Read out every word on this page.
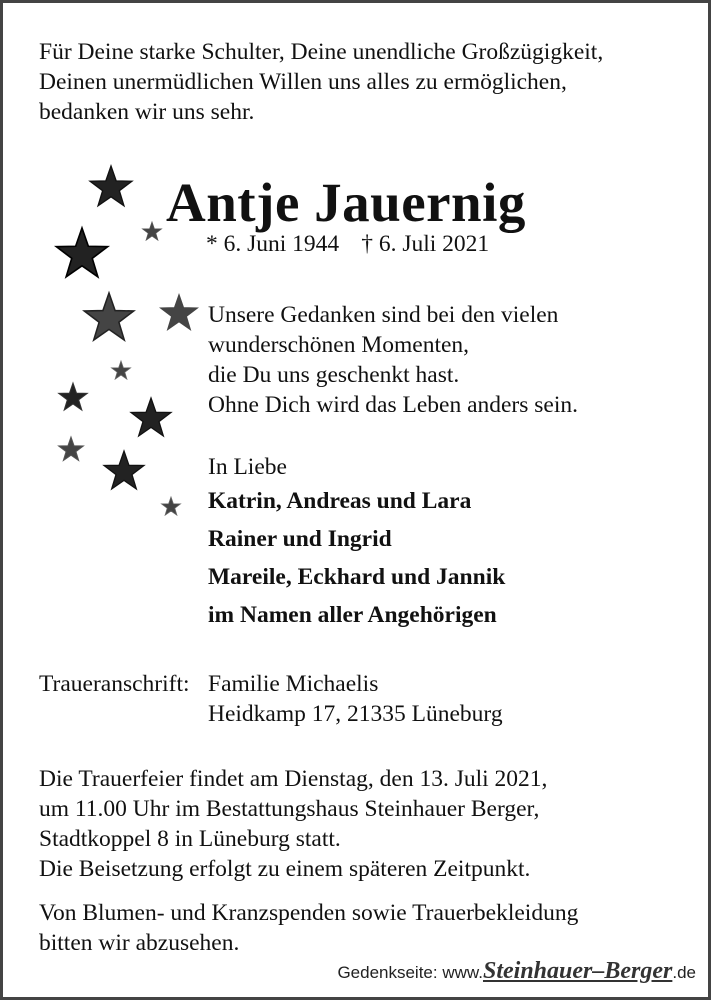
Für Deine starke Schulter, Deine unendliche Großzügigkeit,
Deinen unermüdlichen Willen uns alles zu ermöglichen,
bedanken wir uns sehr.
Antje Jauernig
* 6. Juni 1944 † 6. Juli 2021
Unsere Gedanken sind bei den vielen
wunderschönen Momenten,
die Du uns geschenkt hast.
Ohne Dich wird das Leben anders sein.
In Liebe
Katrin, Andreas und Lara
Rainer und Ingrid
Mareile, Eckhard und Jannik
im Namen aller Angehörigen
Traueranschrift: Familie Michaelis
Heidkamp 17, 21335 Lüneburg
Die Trauerfeier findet am Dienstag, den 13. Juli 2021,
um 11.00 Uhr im Bestattungshaus Steinhauer Berger,
Stadtkoppel 8 in Lüneburg statt.
Die Beisetzung erfolgt zu einem späteren Zeitpunkt.
Von Blumen- und Kranzspenden sowie Trauerbekleidung
bitten wir abzusehen.
Gedenkseite: www.Steinhauer–Berger.de
